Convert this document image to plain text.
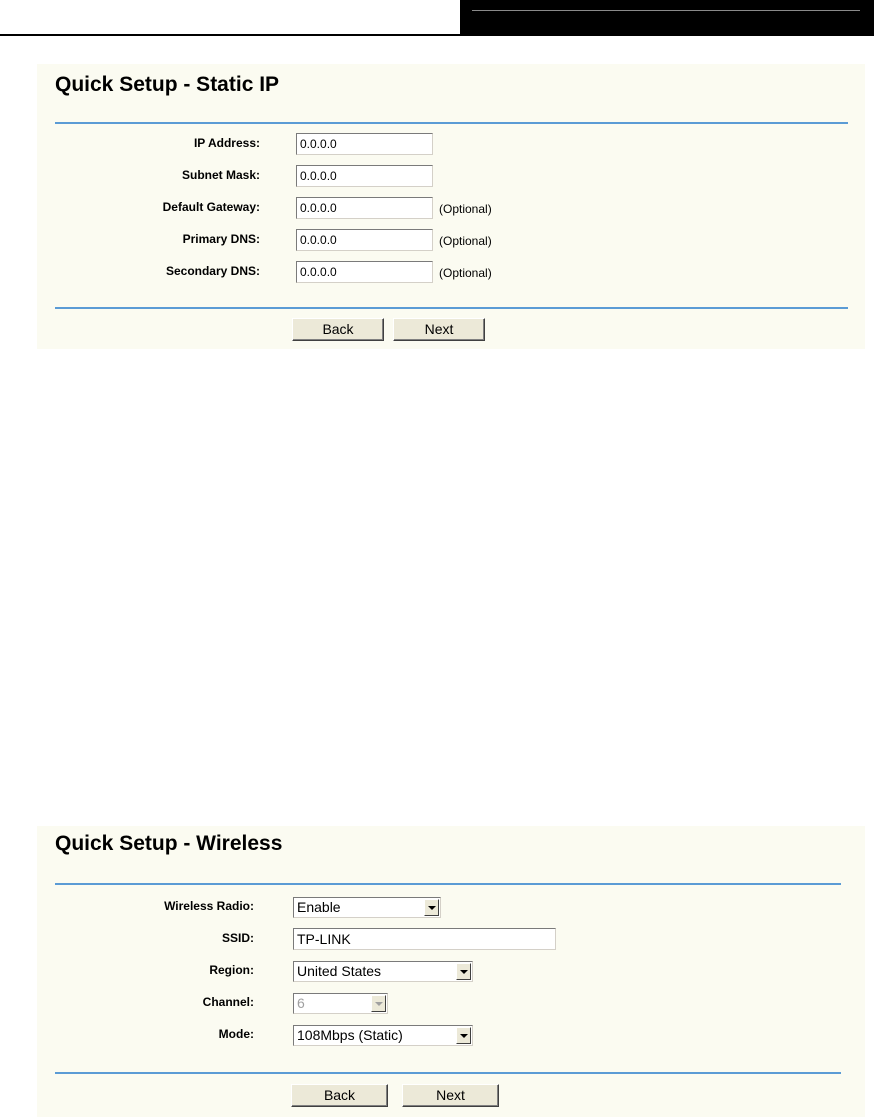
Quick Setup - Static IP
IP Address:	0.0.0.0
Subnet Mask:	0.0.0.0
Default Gateway:	0.0.0.0	(Optional)
Primary DNS:	0.0.0.0	(Optional)
Secondary DNS:	0.0.0.0	(Optional)
Back	Next
Quick Setup - Wireless
Wireless Radio:	Enable
SSID:	TP-LINK
Region:	United States
Channel:	6
Mode:	108Mbps (Static)
Back	Next
